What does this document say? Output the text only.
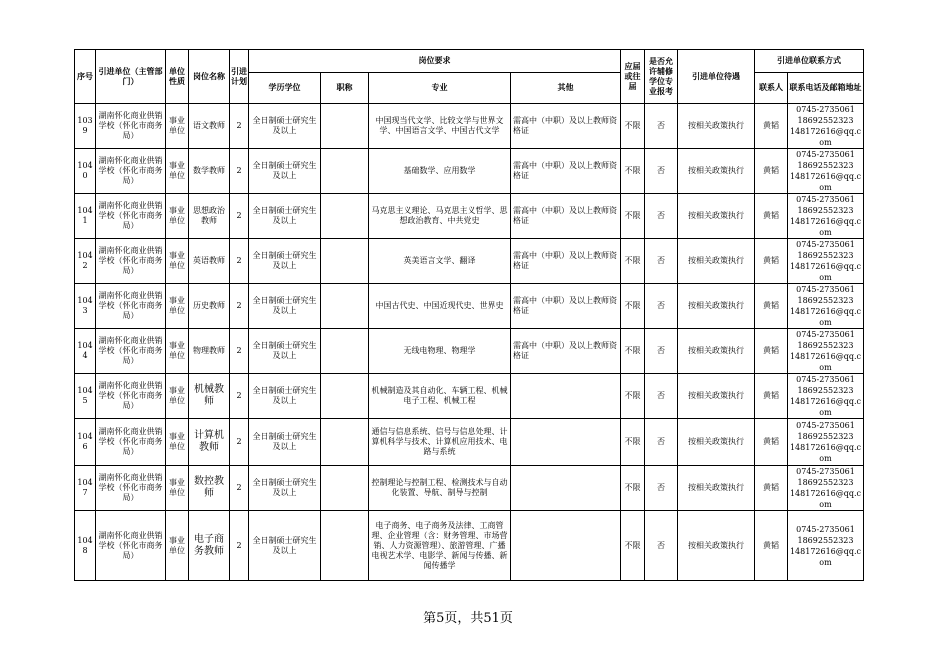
序号	引进单位（主管部门）	单位性质	岗位名称	引进计划	岗位要求				应届或往届	是否允许辅修学位专业报考	引进单位待遇	引进单位联系方式	
					学历学位	职称	专业	其他				联系人	联系电话及邮箱地址
1039	湖南怀化商业供销学校（怀化市商务局）	事业单位	语文教师	2	全日制硕士研究生及以上		中国现当代文学、比较文学与世界文学、中国语言文学、中国古代文学	需高中（中职）及以上教师资格证	不限	否	按相关政策执行	黄韬	0745-2735061
18692552323
148172616@qq.com

1040	湖南怀化商业供销学校（怀化市商务局）	事业单位	数学教师	2	全日制硕士研究生及以上		基础数学、应用数学	需高中（中职）及以上教师资格证	不限	否	按相关政策执行	黄韬	0745-2735061
18692552323
148172616@qq.com

1041	湖南怀化商业供销学校（怀化市商务局）	事业单位	思想政治教师	2	全日制硕士研究生及以上		马克思主义理论、马克思主义哲学、思想政治教育、中共党史	需高中（中职）及以上教师资格证	不限	否	按相关政策执行	黄韬	0745-2735061
18692552323
148172616@qq.com

1042	湖南怀化商业供销学校（怀化市商务局）	事业单位	英语教师	2	全日制硕士研究生及以上		英美语言文学、翻译	需高中（中职）及以上教师资格证	不限	否	按相关政策执行	黄韬	0745-2735061
18692552323
148172616@qq.com

1043	湖南怀化商业供销学校（怀化市商务局）	事业单位	历史教师	2	全日制硕士研究生及以上		中国古代史、中国近现代史、世界史	需高中（中职）及以上教师资格证	不限	否	按相关政策执行	黄韬	0745-2735061
18692552323
148172616@qq.com

1044	湖南怀化商业供销学校（怀化市商务局）	事业单位	物理教师	2	全日制硕士研究生及以上		无线电物理、物理学	需高中（中职）及以上教师资格证	不限	否	按相关政策执行	黄韬	0745-2735061
18692552323
148172616@qq.com

1045	湖南怀化商业供销学校（怀化市商务局）	事业单位	机械教师	2	全日制硕士研究生及以上		机械制造及其自动化、车辆工程、机械电子工程、机械工程		不限	否	按相关政策执行	黄韬	0745-2735061
18692552323
148172616@qq.com

1046	湖南怀化商业供销学校（怀化市商务局）	事业单位	计算机教师	2	全日制硕士研究生及以上		通信与信息系统、信号与信息处理、计算机科学与技术、计算机应用技术、电路与系统		不限	否	按相关政策执行	黄韬	0745-2735061
18692552323
148172616@qq.com

1047	湖南怀化商业供销学校（怀化市商务局）	事业单位	数控教师	2	全日制硕士研究生及以上		控制理论与控制工程、检测技术与自动化装置、导航、制导与控制		不限	否	按相关政策执行	黄韬	0745-2735061
18692552323
148172616@qq.com

1048	湖南怀化商业供销学校（怀化市商务局）	事业单位	电子商务教师	2	全日制硕士研究生及以上		电子商务、电子商务及法律、工商管理、企业管理（含：财务管理、市场营销、人力资源管理）、旅游管理、广播电视艺术学、电影学、新闻与传播、新闻传播学		不限	否	按相关政策执行	黄韬	0745-2735061
18692552323
148172616@qq.com
第5页，共51页
